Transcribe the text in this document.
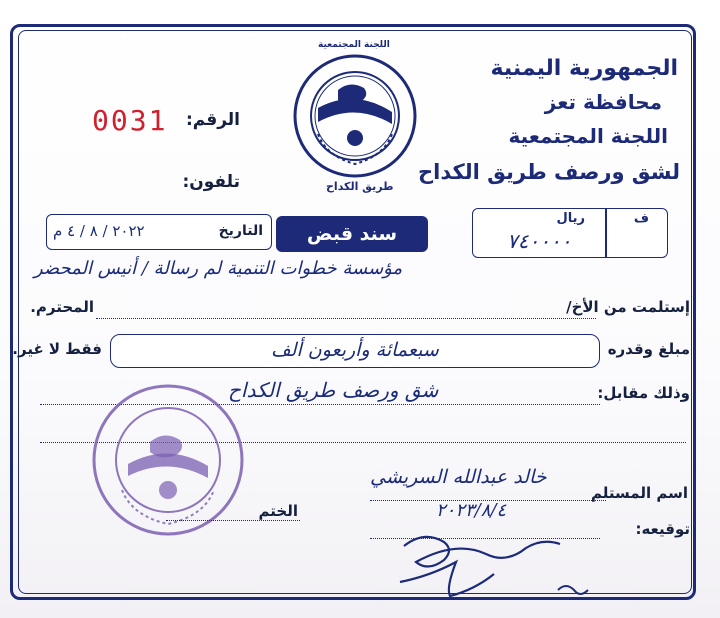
الجمهورية اليمنية
محافظة تعز
اللجنة المجتمعية
لشق ورصف طريق الكداح
اللجنة المجتمعية
طريق الكداح
الرقم:
0031
تلفون:
ف
ريال
٧٤٠٠٠٠
سند قبض
التاريخ
٢٠٢٢ / ٨ / ٤ م
مؤسسة خطوات التنمية لم رسالة / أنيس المحضر
إستلمت من الأخ/
المحترم.
مبلغ وقدره
سبعمائة وأربعون ألف
فقط لا غير.
وذلك مقابل:
شق ورصف طريق الكداح
الختم
اسم المستلم
خالد عبدالله السريشي
٢٠٢٣/٨/٤
توقيعه:
